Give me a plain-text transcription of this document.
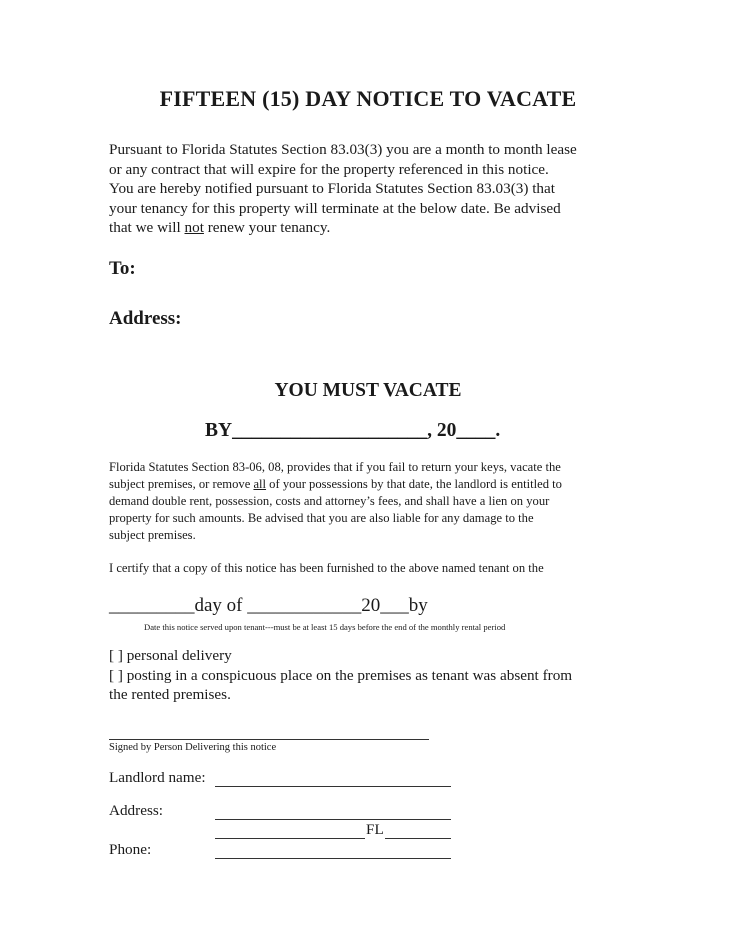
FIFTEEN (15) DAY NOTICE TO VACATE
Pursuant to Florida Statutes Section 83.03(3) you are a month to month lease
or any contract that will expire for the property referenced in this notice.
You are hereby notified pursuant to Florida Statutes Section 83.03(3) that
your tenancy for this property will terminate at the below date. Be advised
that we will not renew your tenancy.
To:
Address:
YOU MUST VACATE
BY____________________, 20____.
Florida Statutes Section 83-06, 08, provides that if you fail to return your keys, vacate the
subject premises, or remove all of your possessions by that date, the landlord is entitled to
demand double rent, possession, costs and attorney’s fees, and shall have a lien on your
property for such amounts. Be advised that you are also liable for any damage to the
subject premises.
I certify that a copy of this notice has been furnished to the above named tenant on the
_________day of ____________20___by
Date this notice served upon tenant---must be at least 15 days before the end of the monthly rental period
[ ] personal delivery
[ ] posting in a conspicuous place on the premises as tenant was absent from
the rented premises.
Signed by Person Delivering this notice
Landlord name:
Address:
FL
Phone:
